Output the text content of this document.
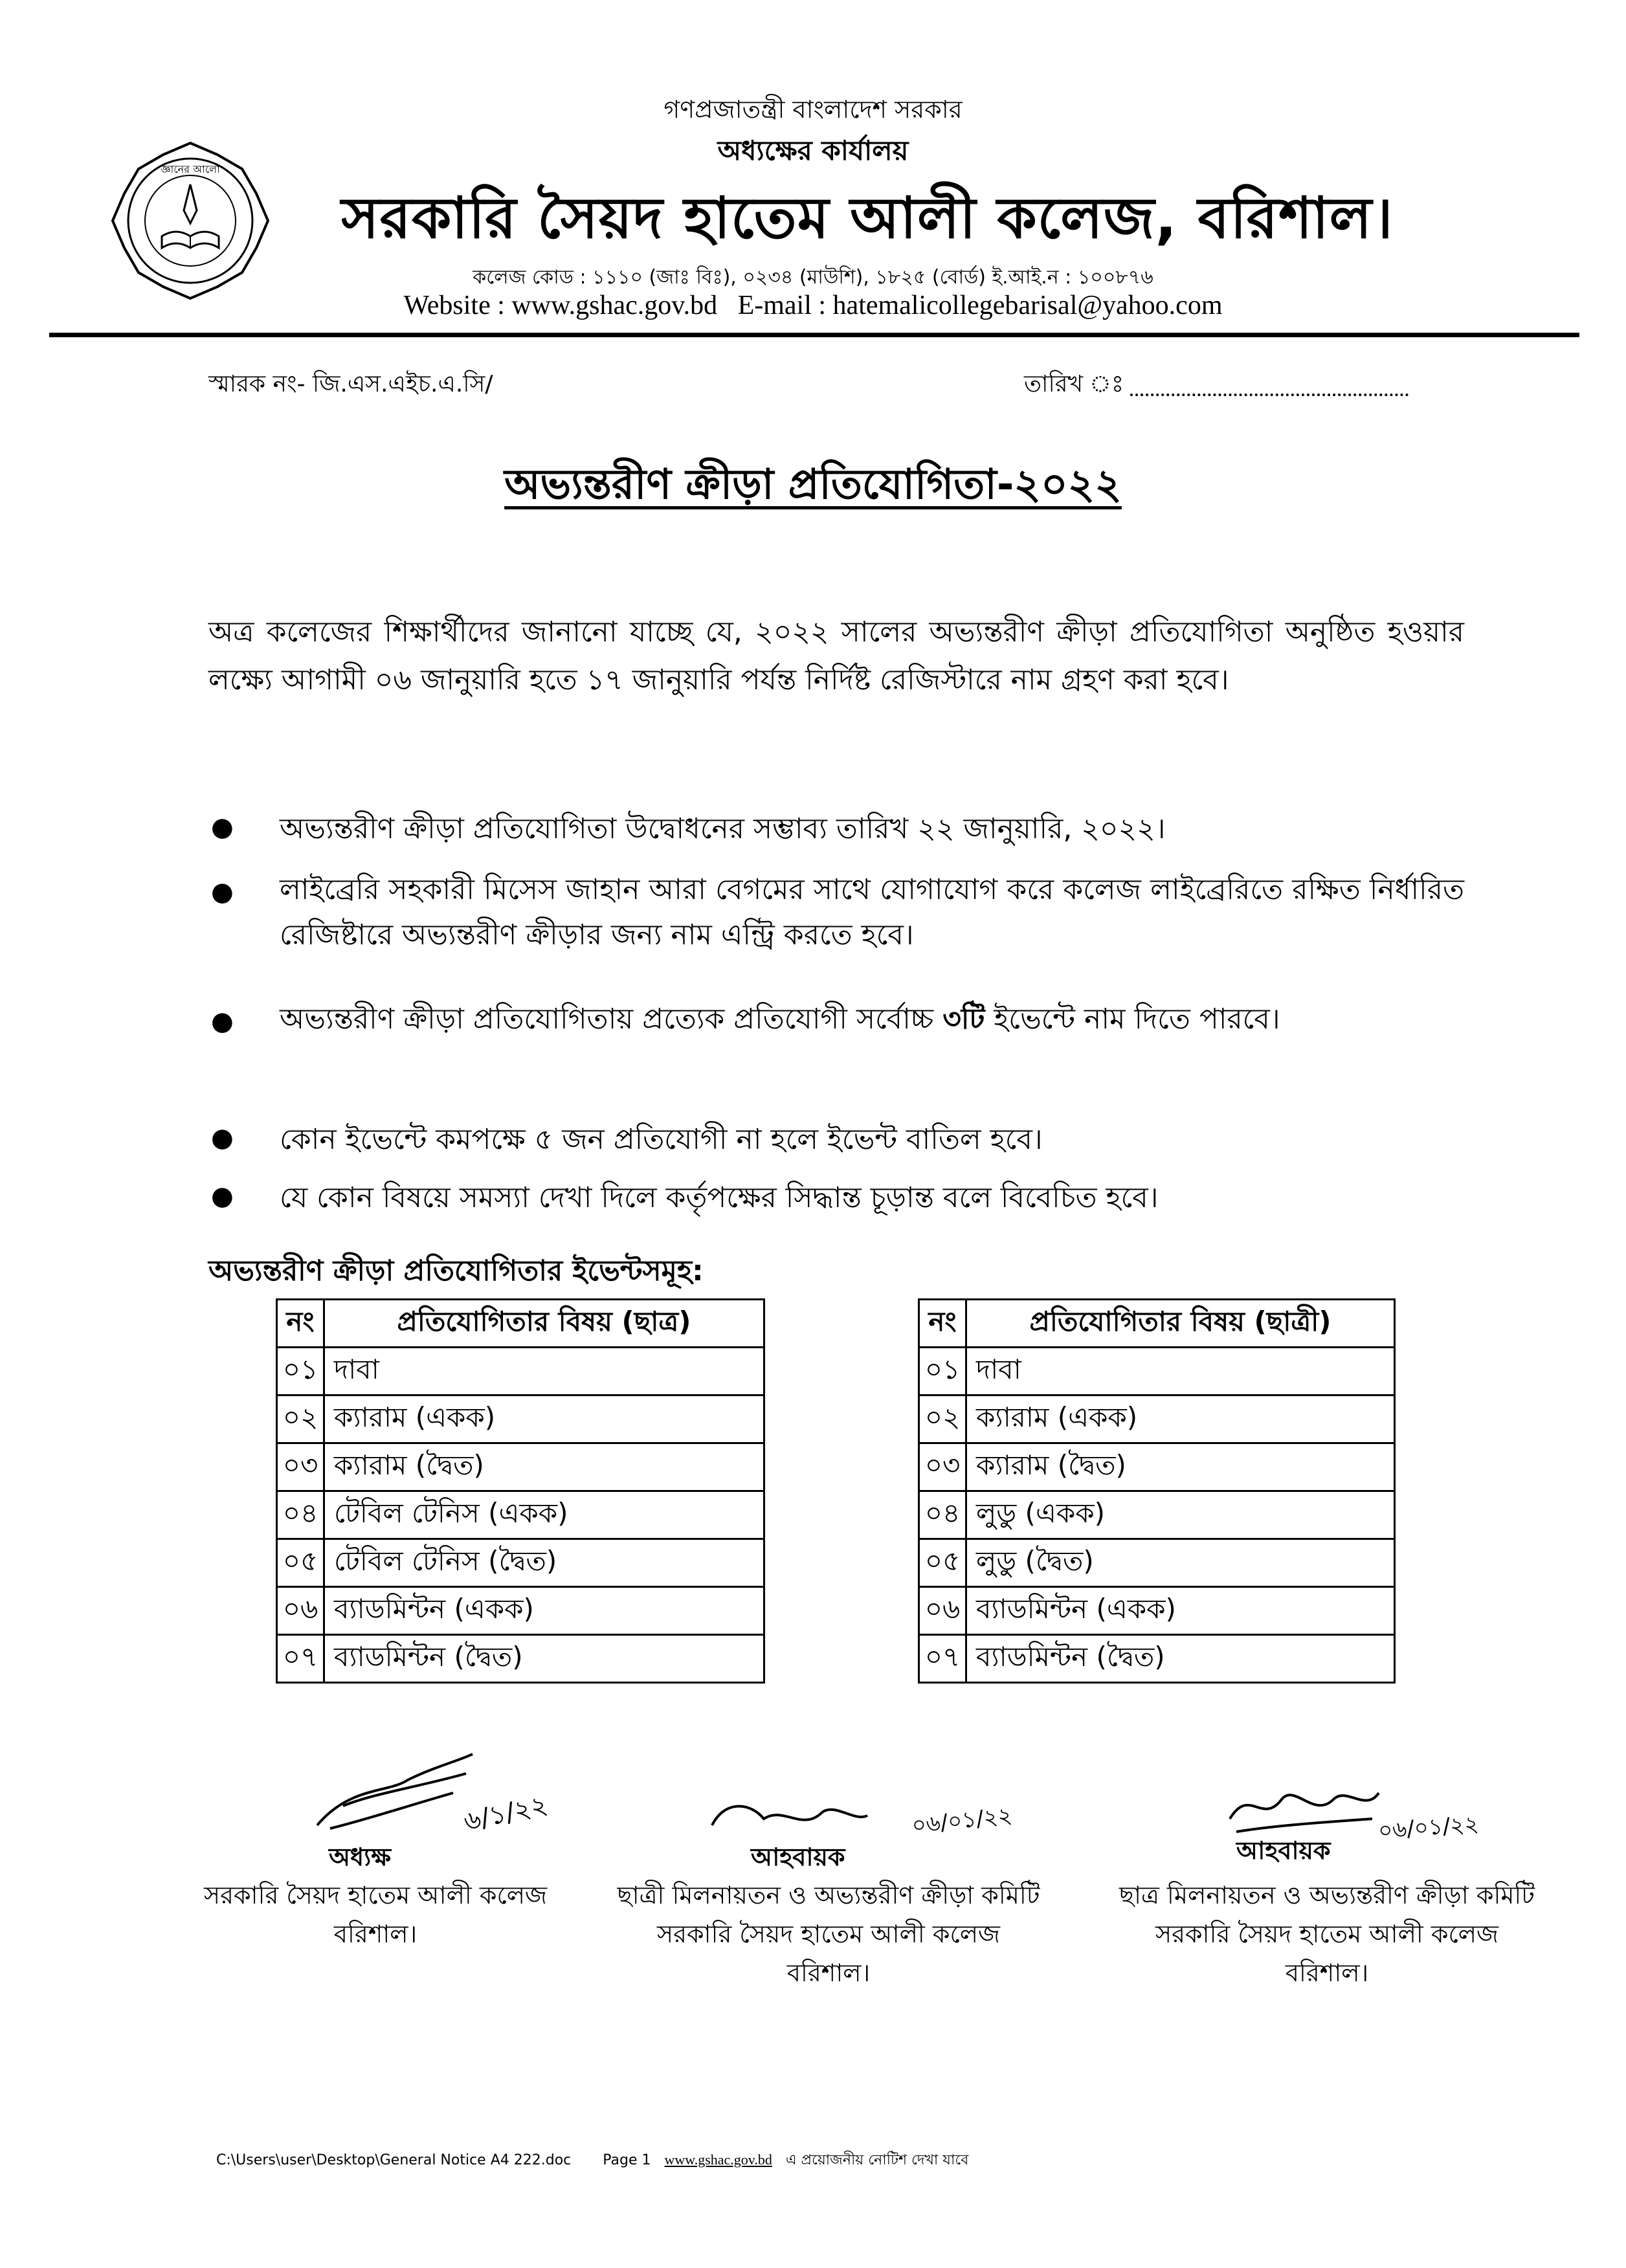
জ্ঞানের আলো
গণপ্রজাতন্ত্রী বাংলাদেশ সরকার
অধ্যক্ষের কার্যালয়
সরকারি সৈয়দ হাতেম আলী কলেজ, বরিশাল।
কলেজ কোড : ১১১০ (জাঃ বিঃ), ০২৩৪ (মাউশি), ১৮২৫ (বোর্ড) ই.আই.ন : ১০০৮৭৬
Website : www.gshac.gov.bd E-mail : hatemalicollegebarisal@yahoo.com
স্মারক নং- জি.এস.এইচ.এ.সি/	তারিখ ঃ
অভ্যন্তরীণ ক্রীড়া প্রতিযোগিতা-২০২২
অত্র কলেজের শিক্ষার্থীদের জানানো যাচ্ছে যে, ২০২২ সালের অভ্যন্তরীণ ক্রীড়া প্রতিযোগিতা অনুষ্ঠিত হওয়ার লক্ষ্যে আগামী ০৬ জানুয়ারি হতে ১৭ জানুয়ারি পর্যন্ত নির্দিষ্ট রেজিস্টারে নাম গ্রহণ করা হবে।
● অভ্যন্তরীণ ক্রীড়া প্রতিযোগিতা উদ্বোধনের সম্ভাব্য তারিখ ২২ জানুয়ারি, ২০২২।
● লাইব্রেরি সহকারী মিসেস জাহান আরা বেগমের সাথে যোগাযোগ করে কলেজ লাইব্রেরিতে রক্ষিত নির্ধারিত রেজিষ্টারে অভ্যন্তরীণ ক্রীড়ার জন্য নাম এন্ট্রি করতে হবে।
● অভ্যন্তরীণ ক্রীড়া প্রতিযোগিতায় প্রত্যেক প্রতিযোগী সর্বোচ্চ ৩টি ইভেন্টে নাম দিতে পারবে।
● কোন ইভেন্টে কমপক্ষে ৫ জন প্রতিযোগী না হলে ইভেন্ট বাতিল হবে।
● যে কোন বিষয়ে সমস্যা দেখা দিলে কর্তৃপক্ষের সিদ্ধান্ত চূড়ান্ত বলে বিবেচিত হবে।
অভ্যন্তরীণ ক্রীড়া প্রতিযোগিতার ইভেন্টসমূহ:
নং	প্রতিযোগিতার বিষয় (ছাত্র)
০১	দাবা
০২	ক্যারাম (একক)
০৩	ক্যারাম (দ্বৈত)
০৪	টেবিল টেনিস (একক)
০৫	টেবিল টেনিস (দ্বৈত)
০৬	ব্যাডমিন্টন (একক)
০৭	ব্যাডমিন্টন (দ্বৈত)
নং	প্রতিযোগিতার বিষয় (ছাত্রী)
০১	দাবা
০২	ক্যারাম (একক)
০৩	ক্যারাম (দ্বৈত)
০৪	লুডু (একক)
০৫	লুডু (দ্বৈত)
০৬	ব্যাডমিন্টন (একক)
০৭	ব্যাডমিন্টন (দ্বৈত)
৬/১/২২
অধ্যক্ষ
সরকারি সৈয়দ হাতেম আলী কলেজ
বরিশাল।
০৬/০১/২২
আহবায়ক
ছাত্রী মিলনায়তন ও অভ্যন্তরীণ ক্রীড়া কমিটি
সরকারি সৈয়দ হাতেম আলী কলেজ
বরিশাল।
০৬/০১/২২
আহবায়ক
ছাত্র মিলনায়তন ও অভ্যন্তরীণ ক্রীড়া কমিটি
সরকারি সৈয়দ হাতেম আলী কলেজ
বরিশাল।
C:\Users\user\Desktop\General Notice A4 222.doc Page 1 www.gshac.gov.bd এ প্রয়োজনীয় নোটিশ দেখা যাবে
